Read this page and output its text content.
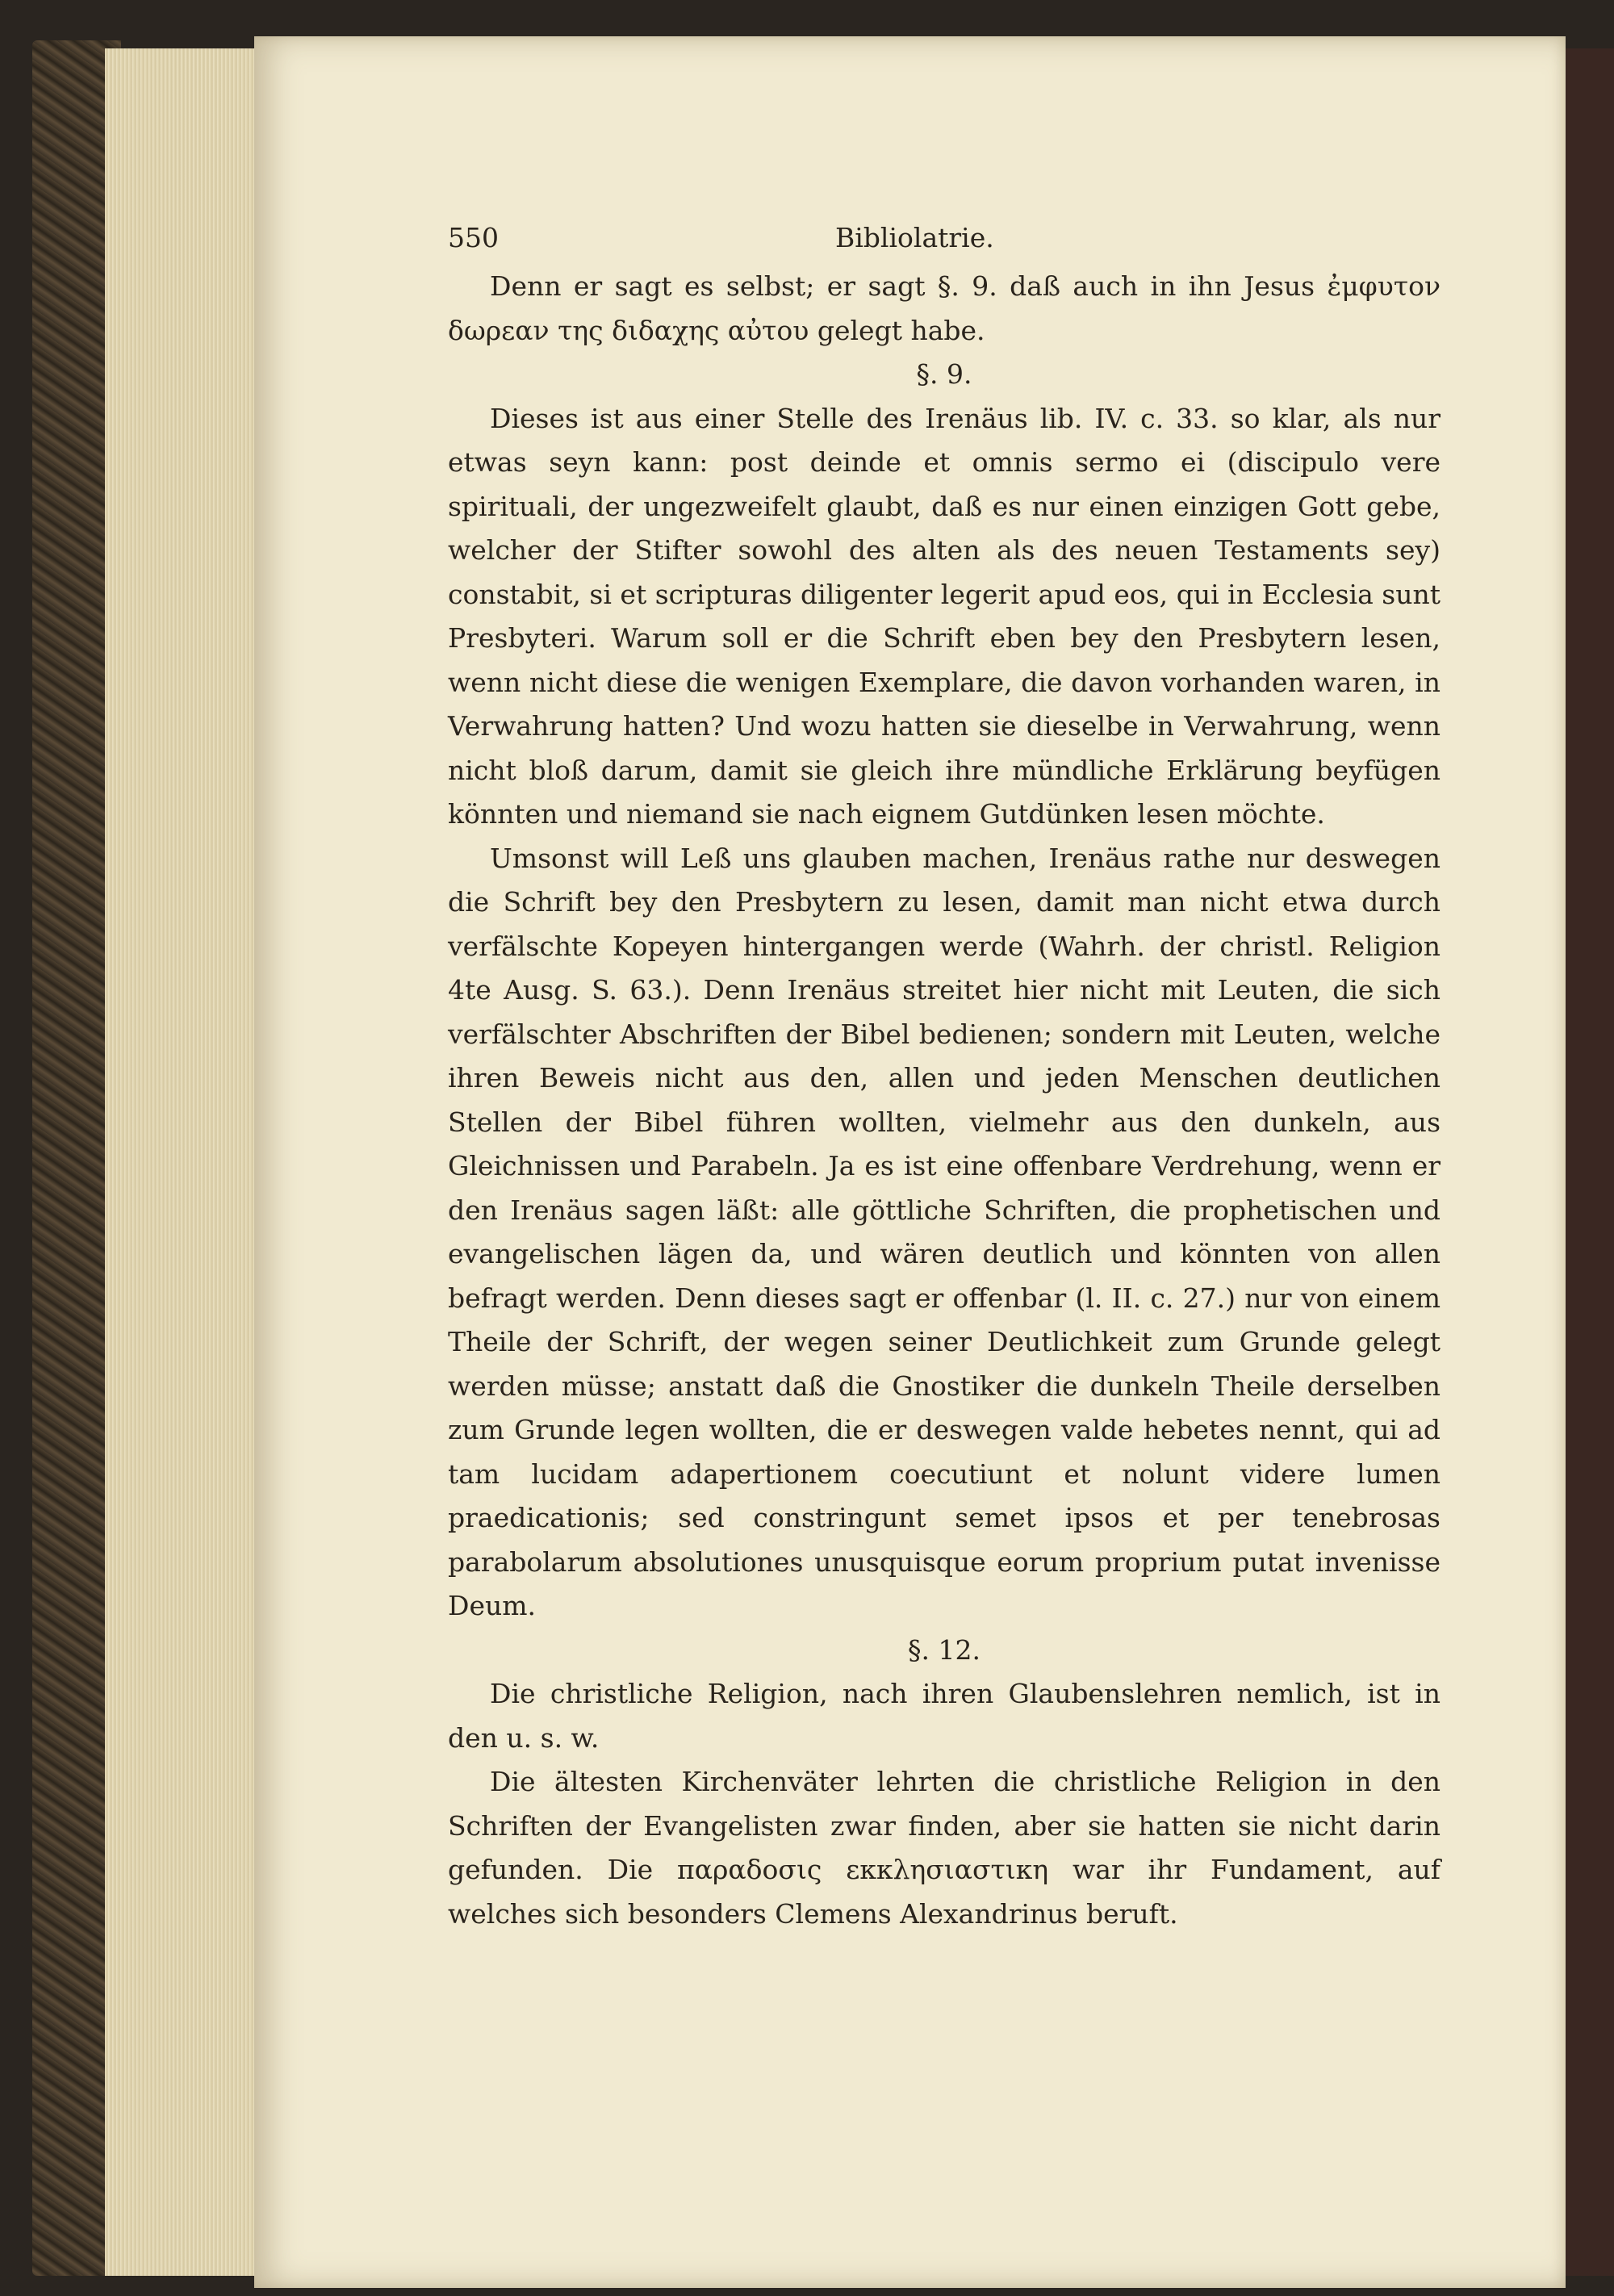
550	Bibliolatrie.

Denn er sagt es selbst; er sagt §. 9. daß auch in ihn Jesus ἐμφυτον δωρεαν της διδαχης αὐτου gelegt habe.

§. 9.

Dieses ist aus einer Stelle des Irenäus lib. IV. c. 33. so klar, als nur etwas seyn kann: post deinde et omnis sermo ei (discipulo vere spirituali, der ungezweifelt glaubt, daß es nur einen einzigen Gott gebe, welcher der Stifter sowohl des alten als des neuen Testaments sey) constabit, si et scripturas diligenter legerit apud eos, qui in Ecclesia sunt Presbyteri. Warum soll er die Schrift eben bey den Presbytern lesen, wenn nicht diese die wenigen Exemplare, die davon vorhanden waren, in Verwahrung hatten? Und wozu hatten sie dieselbe in Verwahrung, wenn nicht bloß darum, damit sie gleich ihre mündliche Erklärung beyfügen könnten und niemand sie nach eignem Gutdünken lesen möchte.

Umsonst will Leß uns glauben machen, Irenäus rathe nur deswegen die Schrift bey den Presbytern zu lesen, damit man nicht etwa durch verfälschte Kopeyen hintergangen werde (Wahrh. der christl. Religion 4te Ausg. S. 63.). Denn Irenäus streitet hier nicht mit Leuten, die sich verfälschter Abschriften der Bibel bedienen; sondern mit Leuten, welche ihren Beweis nicht aus den, allen und jeden Menschen deutlichen Stellen der Bibel führen wollten, vielmehr aus den dunkeln, aus Gleichnissen und Parabeln. Ja es ist eine offenbare Verdrehung, wenn er den Irenäus sagen läßt: alle göttliche Schriften, die prophetischen und evangelischen lägen da, und wären deutlich und könnten von allen befragt werden. Denn dieses sagt er offenbar (l. II. c. 27.) nur von einem Theile der Schrift, der wegen seiner Deutlichkeit zum Grunde gelegt werden müsse; anstatt daß die Gnostiker die dunkeln Theile derselben zum Grunde legen wollten, die er deswegen valde hebetes nennt, qui ad tam lucidam adapertionem coecutiunt et nolunt videre lumen praedicationis; sed constringunt semet ipsos et per tenebrosas parabolarum absolutiones unusquisque eorum proprium putat invenisse Deum.

§. 12.

Die christliche Religion, nach ihren Glaubenslehren nemlich, ist in den u. s. w.

Die ältesten Kirchenväter lehrten die christliche Religion in den Schriften der Evangelisten zwar finden, aber sie hatten sie nicht darin gefunden. Die παραδοσις εκκλησιαστικη war ihr Fundament, auf welches sich besonders Clemens Alexandrinus beruft.
